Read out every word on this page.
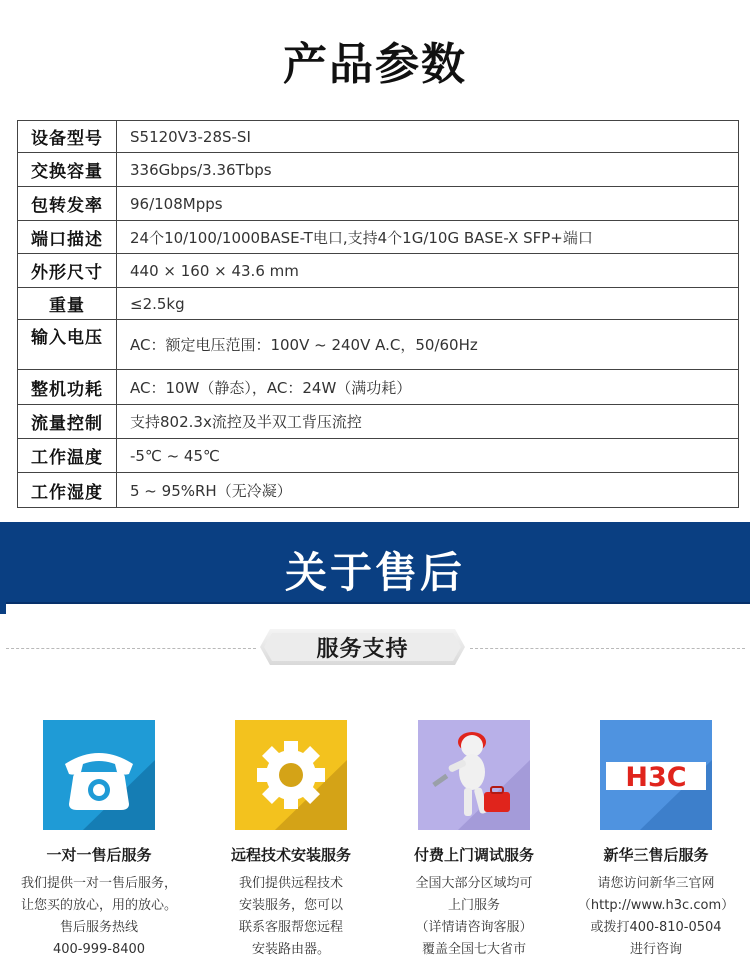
产品参数
设备型号	S5120V3-28S-SI
交换容量	336Gbps/3.36Tbps
包转发率	96/108Mpps
端口描述	24个10/100/1000BASE-T电口,支持4个1G/10G BASE-X SFP+端口
外形尺寸	440 × 160 × 43.6 mm
重量	≤2.5kg
输入电压	AC：额定电压范围：100V ~ 240V A.C，50/60Hz
整机功耗	AC：10W（静态），AC：24W（满功耗）
流量控制	支持802.3x流控及半双工背压流控
工作温度	-5℃ ~ 45℃
工作湿度	5 ~ 95%RH（无冷凝）
关于售后
服务支持
一对一售后服务
我们提供一对一售后服务，
让您买的放心，用的放心。
售后服务热线
400-999-8400
远程技术安装服务
我们提供远程技术
安装服务，您可以
联系客服帮您远程
安装路由器。
付费上门调试服务
全国大部分区域均可
上门服务
（详情请咨询客服）
覆盖全国七大省市
H3C
新华三售后服务
请您访问新华三官网
（http://www.h3c.com）
或拨打400-810-0504
进行咨询
